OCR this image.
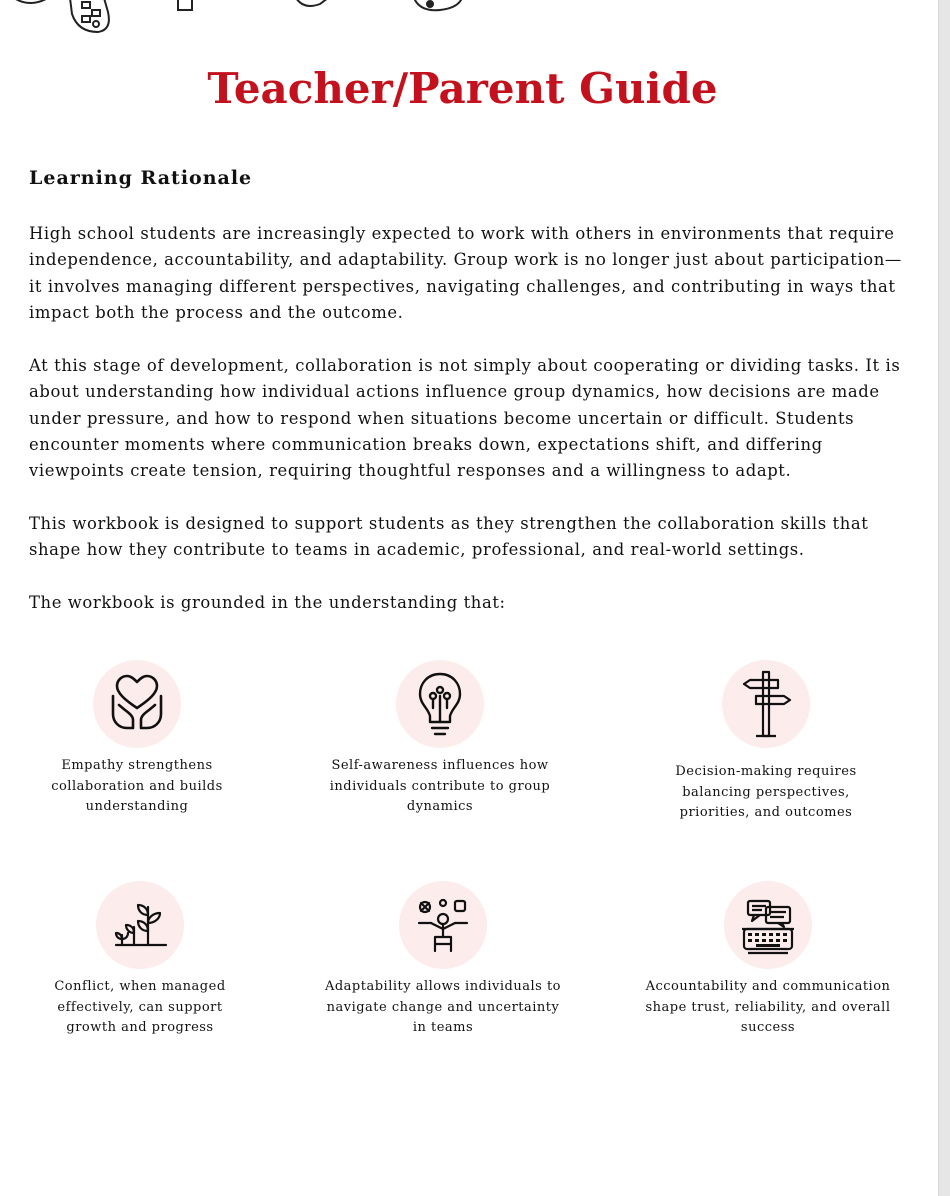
Teacher/Parent Guide
Learning Rationale

High school students are increasingly expected to work with others in environments that require independence, accountability, and adaptability. Group work is no longer just about participation—it involves managing different perspectives, navigating challenges, and contributing in ways that impact both the process and the outcome.

At this stage of development, collaboration is not simply about cooperating or dividing tasks. It is about understanding how individual actions influence group dynamics, how decisions are made under pressure, and how to respond when situations become uncertain or difficult. Students encounter moments where communication breaks down, expectations shift, and differing viewpoints create tension, requiring thoughtful responses and a willingness to adapt.

This workbook is designed to support students as they strengthen the collaboration skills that shape how they contribute to teams in academic, professional, and real-world settings.

The workbook is grounded in the understanding that:

Empathy strengthens collaboration and builds understanding

Self-awareness influences how individuals contribute to group dynamics

Decision-making requires balancing perspectives, priorities, and outcomes

Conflict, when managed effectively, can support growth and progress

Adaptability allows individuals to navigate change and uncertainty in teams

Accountability and communication shape trust, reliability, and overall success
